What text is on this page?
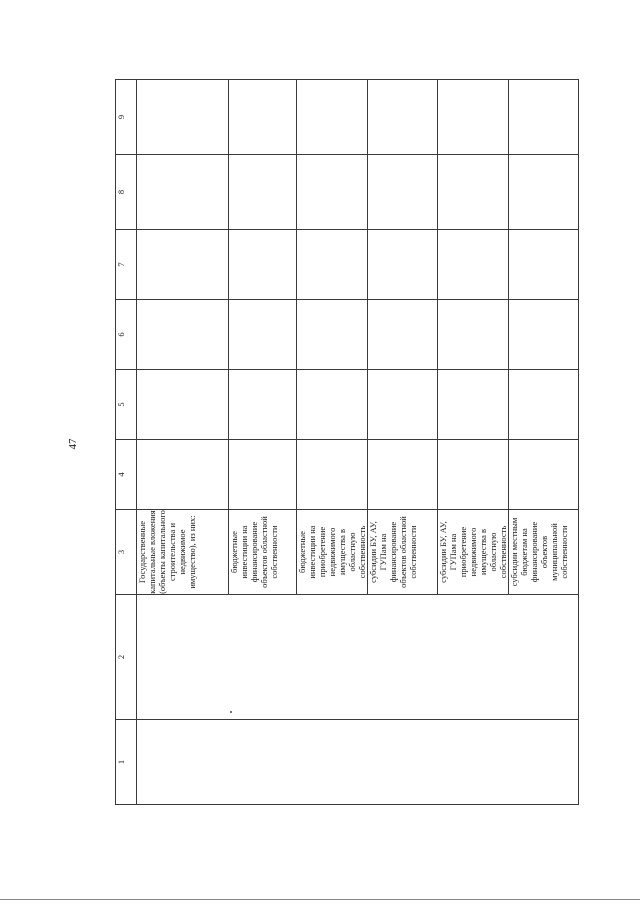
47
1	2	3	4	5	6	7	8	9
		Государственные капитальные вложения (объекты капитального строительства и недвижимое имущество), из них:						
		бюджетные инвестиции на финансирование объектов областной собственности						
		бюджетные инвестиции на приобретение недвижимого имущества в областную собственность						
		субсидии БУ, АУ, ГУПам на финансирование объектов областной собственности						
		субсидии БУ, АУ, ГУПам на приобретение недвижимого имущества в областную собственность						
		субсидии местным бюджетам на финансирование объектов муниципальной собственности						
